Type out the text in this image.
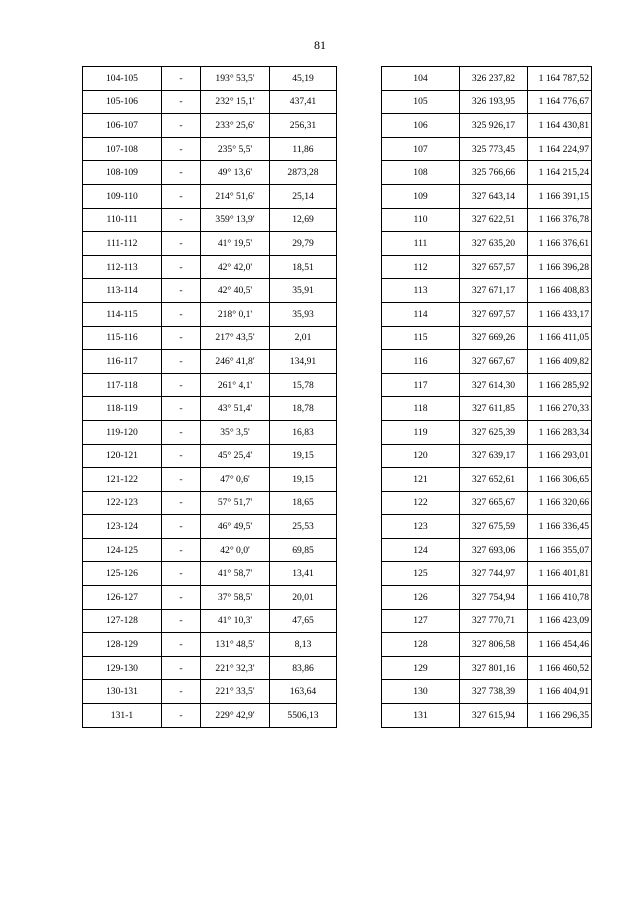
81
104-105	-	193° 53,5'	45,19
105-106	-	232° 15,1'	437,41
106-107	-	233° 25,6'	256,31
107-108	-	235° 5,5'	11,86
108-109	-	49° 13,6'	2873,28
109-110	-	214° 51,6'	25,14
110-111	-	359° 13,9'	12,69
111-112	-	41° 19,5'	29,79
112-113	-	42° 42,0'	18,51
113-114	-	42° 40,5'	35,91
114-115	-	218° 0,1'	35,93
115-116	-	217° 43,5'	2,01
116-117	-	246° 41,8'	134,91
117-118	-	261° 4,1'	15,78
118-119	-	43° 51,4'	18,78
119-120	-	35° 3,5'	16,83
120-121	-	45° 25,4'	19,15
121-122	-	47° 0,6'	19,15
122-123	-	57° 51,7'	18,65
123-124	-	46° 49,5'	25,53
124-125	-	42° 0,0'	69,85
125-126	-	41° 58,7'	13,41
126-127	-	37° 58,5'	20,01
127-128	-	41° 10,3'	47,65
128-129	-	131° 48,5'	8,13
129-130	-	221° 32,3'	83,86
130-131	-	221° 33,5'	163,64
131-1	-	229° 42,9'	5506,13
104	326 237,82	1 164 787,52
105	326 193,95	1 164 776,67
106	325 926,17	1 164 430,81
107	325 773,45	1 164 224,97
108	325 766,66	1 164 215,24
109	327 643,14	1 166 391,15
110	327 622,51	1 166 376,78
111	327 635,20	1 166 376,61
112	327 657,57	1 166 396,28
113	327 671,17	1 166 408,83
114	327 697,57	1 166 433,17
115	327 669,26	1 166 411,05
116	327 667,67	1 166 409,82
117	327 614,30	1 166 285,92
118	327 611,85	1 166 270,33
119	327 625,39	1 166 283,34
120	327 639,17	1 166 293,01
121	327 652,61	1 166 306,65
122	327 665,67	1 166 320,66
123	327 675,59	1 166 336,45
124	327 693,06	1 166 355,07
125	327 744,97	1 166 401,81
126	327 754,94	1 166 410,78
127	327 770,71	1 166 423,09
128	327 806,58	1 166 454,46
129	327 801,16	1 166 460,52
130	327 738,39	1 166 404,91
131	327 615,94	1 166 296,35
